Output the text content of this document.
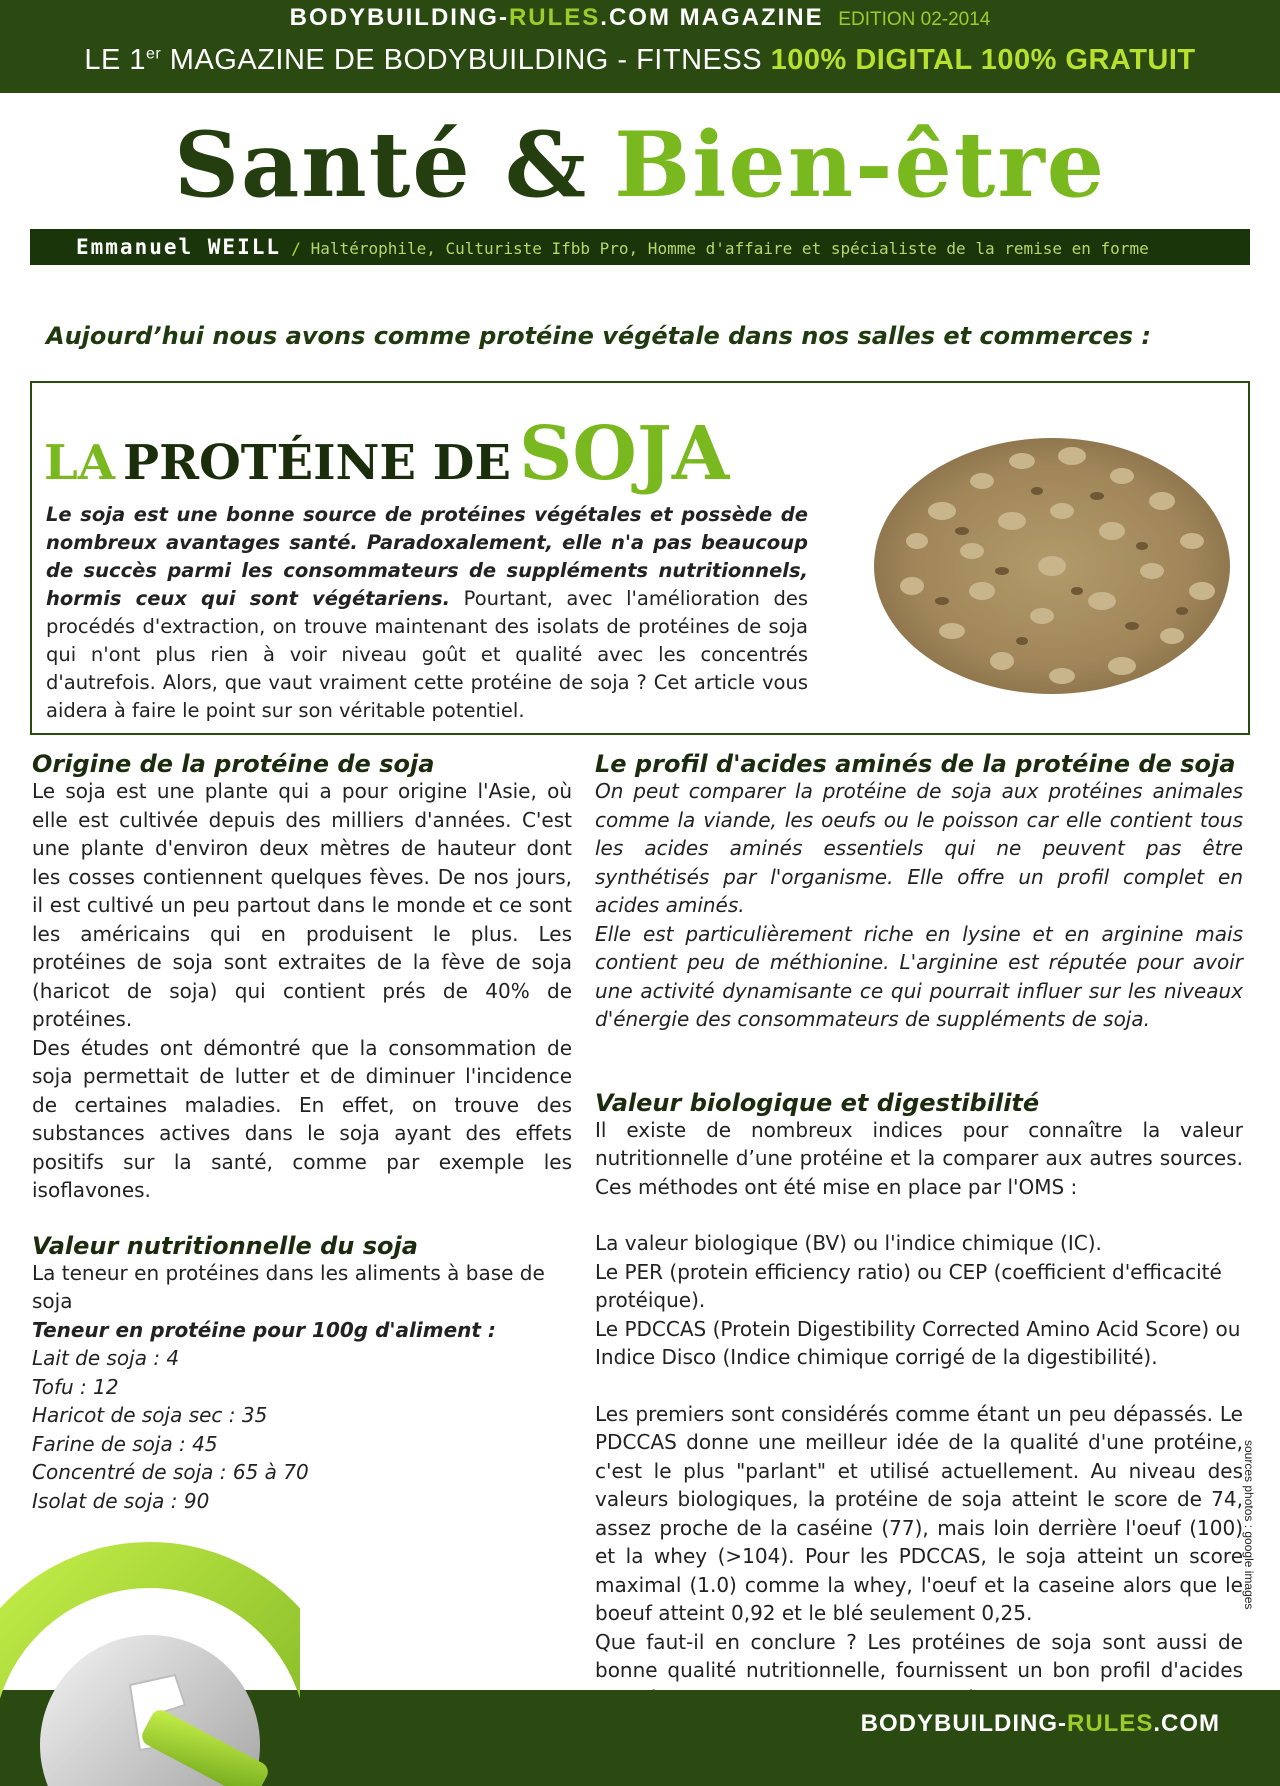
BODYBUILDING-RULES.COM MAGAZINE EDITION 02-2014
LE 1er MAGAZINE DE BODYBUILDING - FITNESS 100% DIGITAL 100% GRATUIT
Santé & Bien-être
Emmanuel WEILL / Haltérophile, Culturiste Ifbb Pro, Homme d'affaire et spécialiste de la remise en forme
Aujourd’hui nous avons comme protéine végétale dans nos salles et commerces :
LA PROTÉINE DE SOJA
Le soja est une bonne source de protéines végétales et possède de nombreux avantages santé. Paradoxalement, elle n'a pas beaucoup de succès parmi les consommateurs de suppléments nutritionnels, hormis ceux qui sont végétariens. Pourtant, avec l'amélioration des procédés d'extraction, on trouve maintenant des isolats de protéines de soja qui n'ont plus rien à voir niveau goût et qualité avec les concentrés d'autrefois. Alors, que vaut vraiment cette protéine de soja ? Cet article vous aidera à faire le point sur son véritable potentiel.
Origine de la protéine de soja

Le soja est une plante qui a pour origine l'Asie, où elle est cultivée depuis des milliers d'années. C'est une plante d'environ deux mètres de hauteur dont les cosses contiennent quelques fèves. De nos jours, il est cultivé un peu partout dans le monde et ce sont les américains qui en produisent le plus. Les protéines de soja sont extraites de la fève de soja (haricot de soja) qui contient prés de 40% de protéines.

Des études ont démontré que la consommation de soja permettait de lutter et de diminuer l'incidence de certaines maladies. En effet, on trouve des substances actives dans le soja ayant des effets positifs sur la santé, comme par exemple les isoflavones.

Valeur nutritionnelle du soja

La teneur en protéines dans les aliments à base de soja

Teneur en protéine pour 100g d'aliment :

Lait de soja : 4
Tofu : 12
Haricot de soja sec : 35
Farine de soja : 45
Concentré de soja : 65 à 70
Isolat de soja : 90
Le profil d'acides aminés de la protéine de soja

On peut comparer la protéine de soja aux protéines animales comme la viande, les oeufs ou le poisson car elle contient tous les acides aminés essentiels qui ne peuvent pas être synthétisés par l'organisme. Elle offre un profil complet en acides aminés.

Elle est particulièrement riche en lysine et en arginine mais contient peu de méthionine. L'arginine est réputée pour avoir une activité dynamisante ce qui pourrait influer sur les niveaux d'énergie des consommateurs de suppléments de soja.

Valeur biologique et digestibilité

Il existe de nombreux indices pour connaître la valeur nutritionnelle d’une protéine et la comparer aux autres sources. Ces méthodes ont été mise en place par l'OMS :

La valeur biologique (BV) ou l'indice chimique (IC).

Le PER (protein efficiency ratio) ou CEP (coefficient d'efficacité protéique).

Le PDCCAS (Protein Digestibility Corrected Amino Acid Score) ou Indice Disco (Indice chimique corrigé de la digestibilité).

Les premiers sont considérés comme étant un peu dépassés. Le PDCCAS donne une meilleur idée de la qualité d'une protéine, c'est le plus "parlant" et utilisé actuellement. Au niveau des valeurs biologiques, la protéine de soja atteint le score de 74, assez proche de la caséine (77), mais loin derrière l'oeuf (100) et la whey (>104). Pour les PDCCAS, le soja atteint un score maximal (1.0) comme la whey, l'oeuf et la caseine alors que le boeuf atteint 0,92 et le blé seulement 0,25.

Que faut-il en conclure ? Les protéines de soja sont aussi de bonne qualité nutritionnelle, fournissent un bon profil d'acides

sources photos : google images
BODYBUILDING-RULES.COM
